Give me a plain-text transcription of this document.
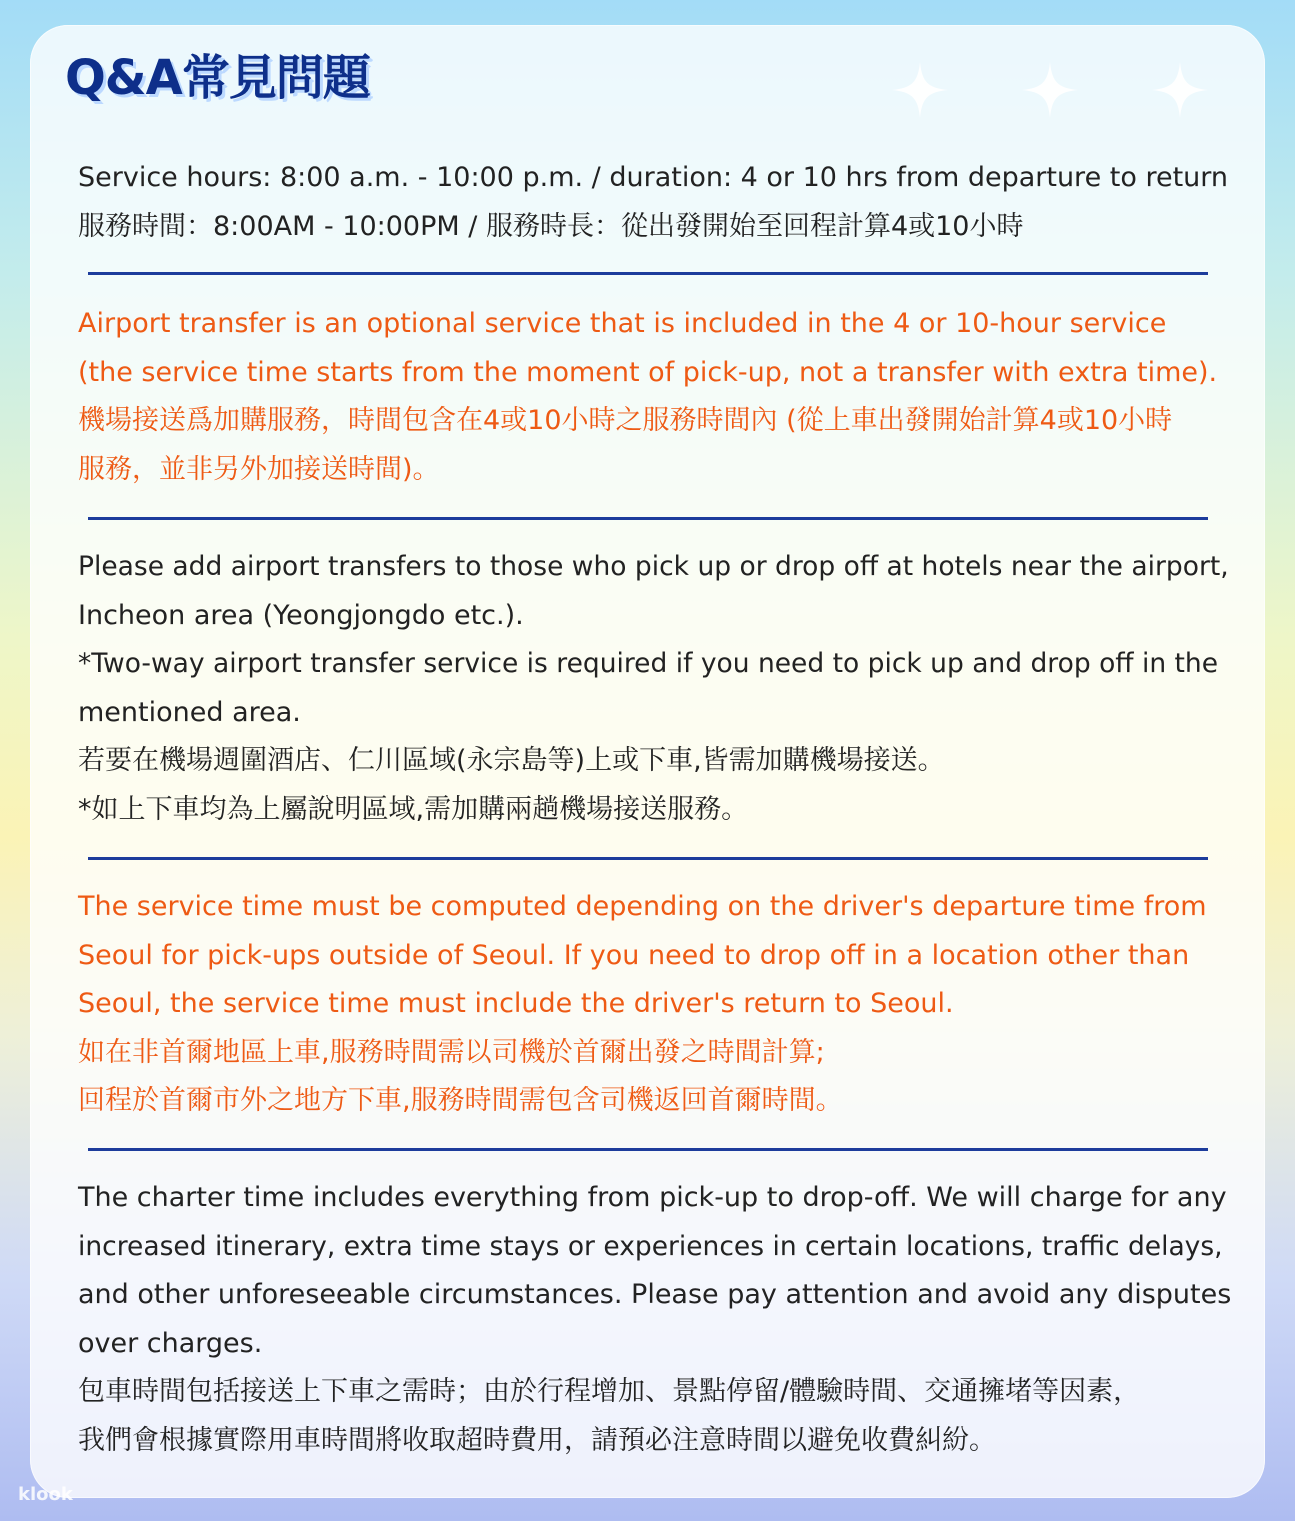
Q&A常見問題

Service hours: 8:00 a.m. - 10:00 p.m. / duration: 4 or 10 hrs from departure to return

服務時間：8:00AM - 10:00PM / 服務時長：從出發開始至回程計算4或10小時

Airport transfer is an optional service that is included in the 4 or 10-hour service

(the service time starts from the moment of pick-up, not a transfer with extra time).

機場接送爲加購服務，時間包含在4或10小時之服務時間內 (從上車出發開始計算4或10小時

服務，並非另外加接送時間)。

Please add airport transfers to those who pick up or drop off at hotels near the airport,

Incheon area (Yeongjongdo etc.).

*Two-way airport transfer service is required if you need to pick up and drop off in the

mentioned area.

若要在機場週圍酒店、仁川區域(永宗島等)上或下車,皆需加購機場接送。

*如上下車均為上屬說明區域,需加購兩趟機場接送服務。

The service time must be computed depending on the driver's departure time from

Seoul for pick-ups outside of Seoul. If you need to drop off in a location other than

Seoul, the service time must include the driver's return to Seoul.

如在非首爾地區上車,服務時間需以司機於首爾出發之時間計算;

回程於首爾市外之地方下車,服務時間需包含司機返回首爾時間。

The charter time includes everything from pick-up to drop-off. We will charge for any

increased itinerary, extra time stays or experiences in certain locations, traffic delays,

and other unforeseeable circumstances. Please pay attention and avoid any disputes

over charges.

包車時間包括接送上下車之需時；由於行程增加、景點停留/體驗時間、交通擁堵等因素，

我們會根據實際用車時間將收取超時費用，請預必注意時間以避免收費糾紛。

klook
